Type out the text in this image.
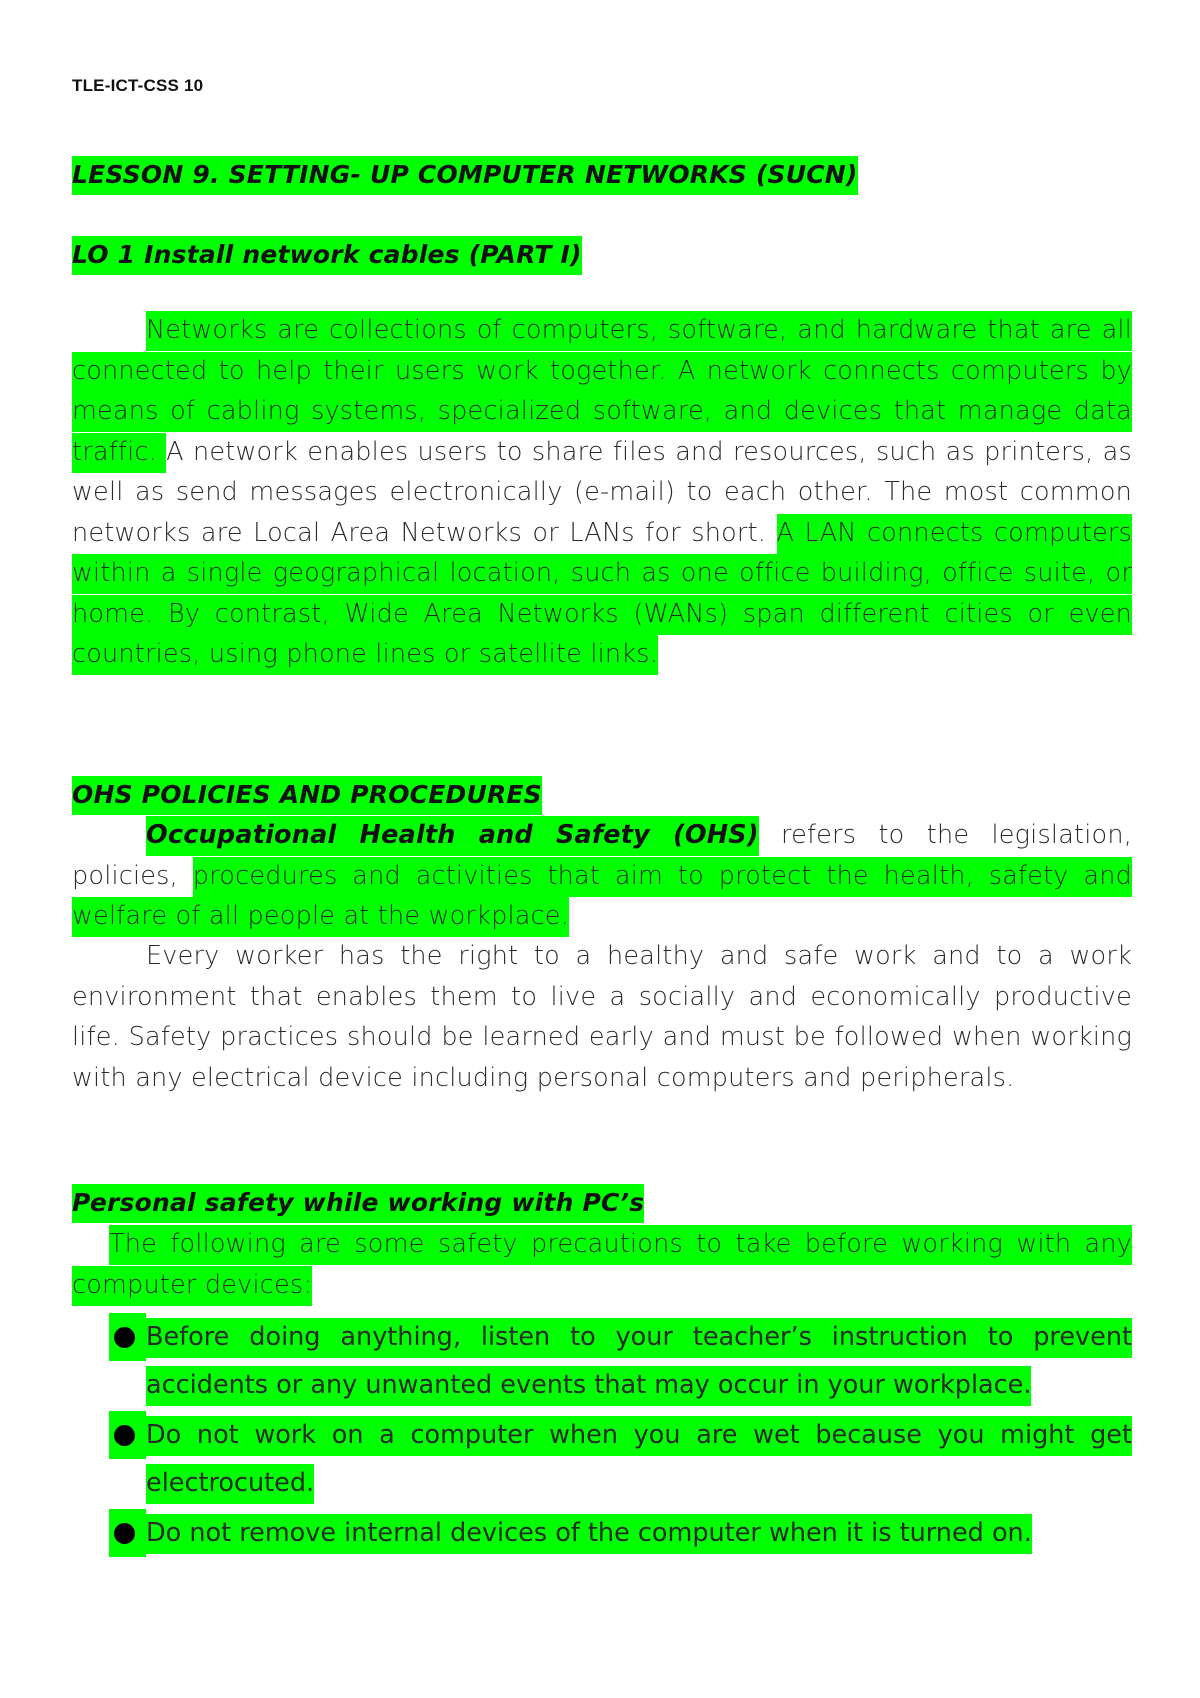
TLE-ICT-CSS 10
LESSON 9. SETTING- UP COMPUTER NETWORKS (SUCN)
LO 1 Install network cables (PART I)
Networks are collections of computers, software, and hardware that are all connected to help their users work together. A network connects computers by means of cabling systems, specialized software, and devices that manage data traffic. A network enables users to share files and resources, such as printers, as well as send messages electronically (e-mail) to each other. The most common networks are Local Area Networks or LANs for short. A LAN connects computers within a single geographical location, such as one office building, office suite, or home. By contrast, Wide Area Networks (WANs) span different cities or even countries, using phone lines or satellite links.
OHS POLICIES AND PROCEDURES
Occupational Health and Safety (OHS) refers to the legislation, policies, procedures and activities that aim to protect the health, safety and welfare of all people at the workplace.
Every worker has the right to a healthy and safe work and to a work environment that enables them to live a socially and economically productive life. Safety practices should be learned early and must be followed when working with any electrical device including personal computers and peripherals.
Personal safety while working with PC’s
The following are some safety precautions to take before working with any computer devices:
Before doing anything, listen to your teacher’s instruction to prevent accidents or any unwanted events that may occur in your workplace.
Do not work on a computer when you are wet because you might get electrocuted.
Do not remove internal devices of the computer when it is turned on.
